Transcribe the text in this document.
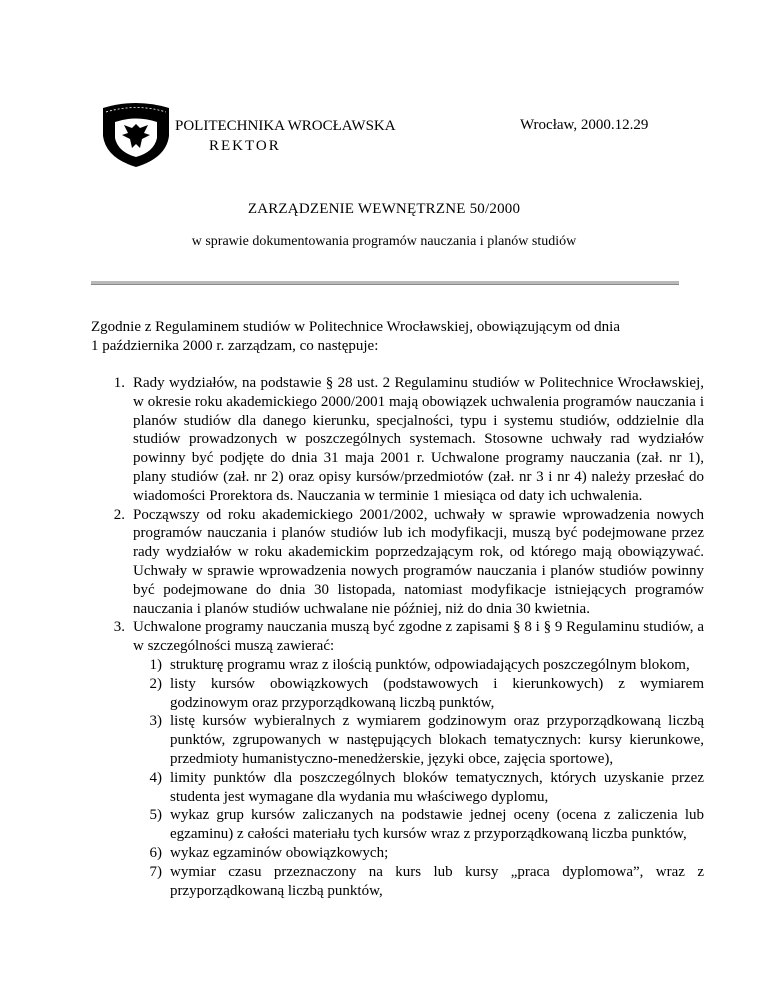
POLITECHNIKA WROCŁAWSKA
REKTOR
Wrocław, 2000.12.29
ZARZĄDZENIE WEWNĘTRZNE 50/2000
w sprawie dokumentowania programów nauczania i planów studiów
Zgodnie z Regulaminem studiów w Politechnice Wrocławskiej, obowiązującym od dnia
1 października 2000 r. zarządzam, co następuje:
1. Rady wydziałów, na podstawie § 28 ust. 2 Regulaminu studiów w Politechnice Wrocławskiej, w okresie roku akademickiego 2000/2001 mają obowiązek uchwalenia programów nauczania i planów studiów dla danego kierunku, specjalności, typu i systemu studiów, oddzielnie dla studiów prowadzonych w poszczególnych systemach. Stosowne uchwały rad wydziałów powinny być podjęte do dnia 31 maja 2001 r. Uchwalone programy nauczania (zał. nr 1), plany studiów (zał. nr 2) oraz opisy kursów/przedmiotów (zał. nr 3 i nr 4) należy przesłać do wiadomości Prorektora ds. Nauczania w terminie 1 miesiąca od daty ich uchwalenia.
2. Począwszy od roku akademickiego 2001/2002, uchwały w sprawie wprowadzenia nowych programów nauczania i planów studiów lub ich modyfikacji, muszą być podejmowane przez rady wydziałów w roku akademickim poprzedzającym rok, od którego mają obowiązywać. Uchwały w sprawie wprowadzenia nowych programów nauczania i planów studiów powinny być podejmowane do dnia 30 listopada, natomiast modyfikacje istniejących programów nauczania i planów studiów uchwalane nie później, niż do dnia 30 kwietnia.
3. Uchwalone programy nauczania muszą być zgodne z zapisami § 8 i § 9 Regulaminu studiów, a w szczególności muszą zawierać:
1) strukturę programu wraz z ilością punktów, odpowiadających poszczególnym blokom,
2) listy kursów obowiązkowych (podstawowych i kierunkowych) z wymiarem godzinowym oraz przyporządkowaną liczbą punktów,
3) listę kursów wybieralnych z wymiarem godzinowym oraz przyporządkowaną liczbą punktów, zgrupowanych w następujących blokach tematycznych: kursy kierunkowe, przedmioty humanistyczno-menedżerskie, języki obce, zajęcia sportowe),
4) limity punktów dla poszczególnych bloków tematycznych, których uzyskanie przez studenta jest wymagane dla wydania mu właściwego dyplomu,
5) wykaz grup kursów zaliczanych na podstawie jednej oceny (ocena z zaliczenia lub egzaminu) z całości materiału tych kursów wraz z przyporządkowaną liczba punktów,
6) wykaz egzaminów obowiązkowych;
7) wymiar czasu przeznaczony na kurs lub kursy „praca dyplomowa”, wraz z przyporządkowaną liczbą punktów,
